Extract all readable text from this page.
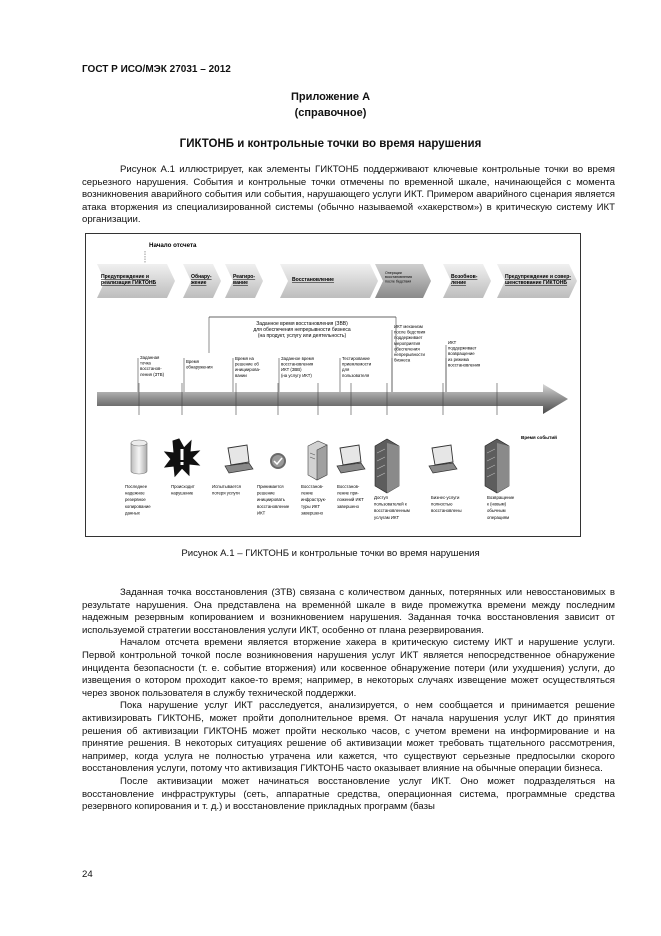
ГОСТ Р ИСО/МЭК 27031 – 2012
Приложение А
(справочное)
ГИКТОНБ и контрольные точки во время нарушения

Рисунок А.1 иллюстрирует, как элементы ГИКТОНБ поддерживают ключевые контрольные точки во время серьезного нарушения. События и контрольные точки отмечены по временной шкале, начинающейся с момента возникновения аварийного события или события, нарушающего услуги ИКТ. Примером аварийного сценария является атака вторжения из специализированной системы (обычно называемой «хакерством») в критическую систему ИКТ организации.

Начало отсчета
Предупреждение и реализация ГИКТОНБ
Обнару-жение
Реагиро-вание
Восстановление
Операции восстановления после бедствия
Возобнов-ление
Предупреждение и совер-шенствование ГИКТОНБ
Заданное время восстановления (ЗВВ) для обеспечения непрерывности бизнеса (на продукт, услугу или деятельность)
Заданная точка восстанов-ления (ЗТВ)
Время обнаружения
Время на решение об инициирова-вании
Заданное время восстановления ИКТ (ЗВВ) (на услугу ИКТ)
Тестирование приемлемости для пользователя
ИКТ механизм после бедствия поддерживает мероприятия обеспечения непрерывности бизнеса
ИКТ поддерживает возвращение из режима восстановления
Время событий
Последнее надежное резервное копирование данных
Происходит нарушение
Испытывается потеря услуги
Принимается решение инициировать восстановление ИКТ
Восстанов-ление инфраструк-туры ИКТ завершено
Восстанов-ление при-ложений ИКТ завершено
Доступ пользователей к восстановленным услугам ИКТ
Бизнес-услуги полностью восстановлены
Возвращение к (новым) обычным операциям
Рисунок А.1 – ГИКТОНБ и контрольные точки во время нарушения

Заданная точка восстановления (ЗТВ) связана с количеством данных, потерянных или невосстановимых в результате нарушения. Она представлена на временнóй шкале в виде промежутка времени между последним надежным резервным копированием и возникновением нарушения. Заданная точка восстановления зависит от используемой стратегии восстановления услуги ИКТ, особенно от плана резервирования.

Началом отсчета времени является вторжение хакера в критическую систему ИКТ и нарушение услуги. Первой контрольной точкой после возникновения нарушения услуг ИКТ является непосредственное обнаружение инцидента безопасности (т. е. событие вторжения) или косвенное обнаружение потери (или ухудшения) услуги, до извещения о котором проходит какое-то время; например, в некоторых случаях извещение может осуществляться через звонок пользователя в службу технической поддержки.

Пока нарушение услуг ИКТ расследуется, анализируется, о нем сообщается и принимается решение активизировать ГИКТОНБ, может пройти дополнительное время. От начала нарушения услуг ИКТ до принятия решения об активизации ГИКТОНБ может пройти несколько часов, с учетом времени на информирование и на принятие решения. В некоторых ситуациях решение об активизации может требовать тщательного рассмотрения, например, когда услуга не полностью утрачена или кажется, что существуют серьезные предпосылки скорого восстановления услуги, потому что активизация ГИКТОНБ часто оказывает влияние на обычные операции бизнеса.

После активизации может начинаться восстановление услуг ИКТ. Оно может подразделяться на восстановление инфраструктуры (сеть, аппаратные средства, операционная система, программные средства резервного копирования и т. д.) и восстановление прикладных программ (базы

24
